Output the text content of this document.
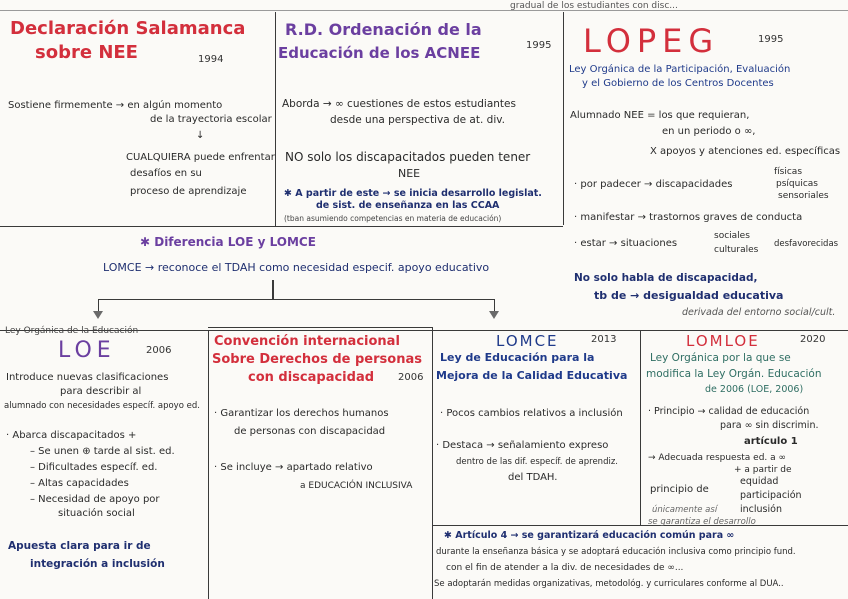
gradual de los estudiantes con disc...
Declaración Salamanca
sobre NEE	1994
Sostiene firmemente → en algún momento
de la trayectoria escolar
↓
CUALQUIERA puede enfrentar
desafíos en su
proceso de aprendizaje
R.D. Ordenación de la
Educación de los ACNEE	1995
Aborda → ∞ cuestiones de estos estudiantes
desde una perspectiva de at. div.
NO solo los discapacitados pueden tener
NEE
✱ A partir de este → se inicia desarrollo legislat.
de sist. de enseñanza en las CCAA
(tban asumiendo competencias en materia de educación)
LOPEG	1995
Ley Orgánica de la Participación, Evaluación
y el Gobierno de los Centros Docentes
Alumnado NEE = los que requieran,
en un periodo o ∞,
X apoyos y atenciones ed. específicas
· por padecer → discapacidades
físicas
psíquicas
sensoriales
· manifestar → trastornos graves de conducta
· estar → situaciones
sociales
culturales
desfavorecidas
No solo habla de discapacidad,
tb de → desigualdad educativa
derivada del entorno social/cult.
✱ Diferencia LOE y LOMCE
LOMCE → reconoce el TDAH como necesidad especif. apoyo educativo
Ley Orgánica de la Educación
LOE	2006
Introduce nuevas clasificaciones
para describir al
alumnado con necesidades específ. apoyo ed.
· Abarca discapacitados +
– Se unen ⊕ tarde al sist. ed.
– Dificultades específ. ed.
– Altas capacidades
– Necesidad de apoyo por
situación social
Apuesta clara para ir de
integración a inclusión
Convención internacional
Sobre Derechos de personas
con discapacidad 2006
· Garantizar los derechos humanos
de personas con discapacidad
· Se incluye → apartado relativo
a EDUCACIÓN INCLUSIVA
LOMCE	2013
Ley de Educación para la
Mejora de la Calidad Educativa
· Pocos cambios relativos a inclusión
· Destaca → señalamiento expreso
dentro de las dif. específ. de aprendiz.
del TDAH.
LOMLOE	2020
Ley Orgánica por la que se
modifica la Ley Orgán. Educación
de 2006 (LOE, 2006)
· Principio → calidad de educación
para ∞ sin discrimin.
artículo 1
→ Adecuada respuesta ed. a ∞
+ a partir de
principio de
equidad
participación
inclusión
únicamente así
se garantiza el desarrollo
✱ Artículo 4 → se garantizará educación común para ∞
durante la enseñanza básica y se adoptará educación inclusiva como principio fund.
con el fin de atender a la div. de necesidades de ∞...
Se adoptarán medidas organizativas, metodológ. y curriculares conforme al DUA..
